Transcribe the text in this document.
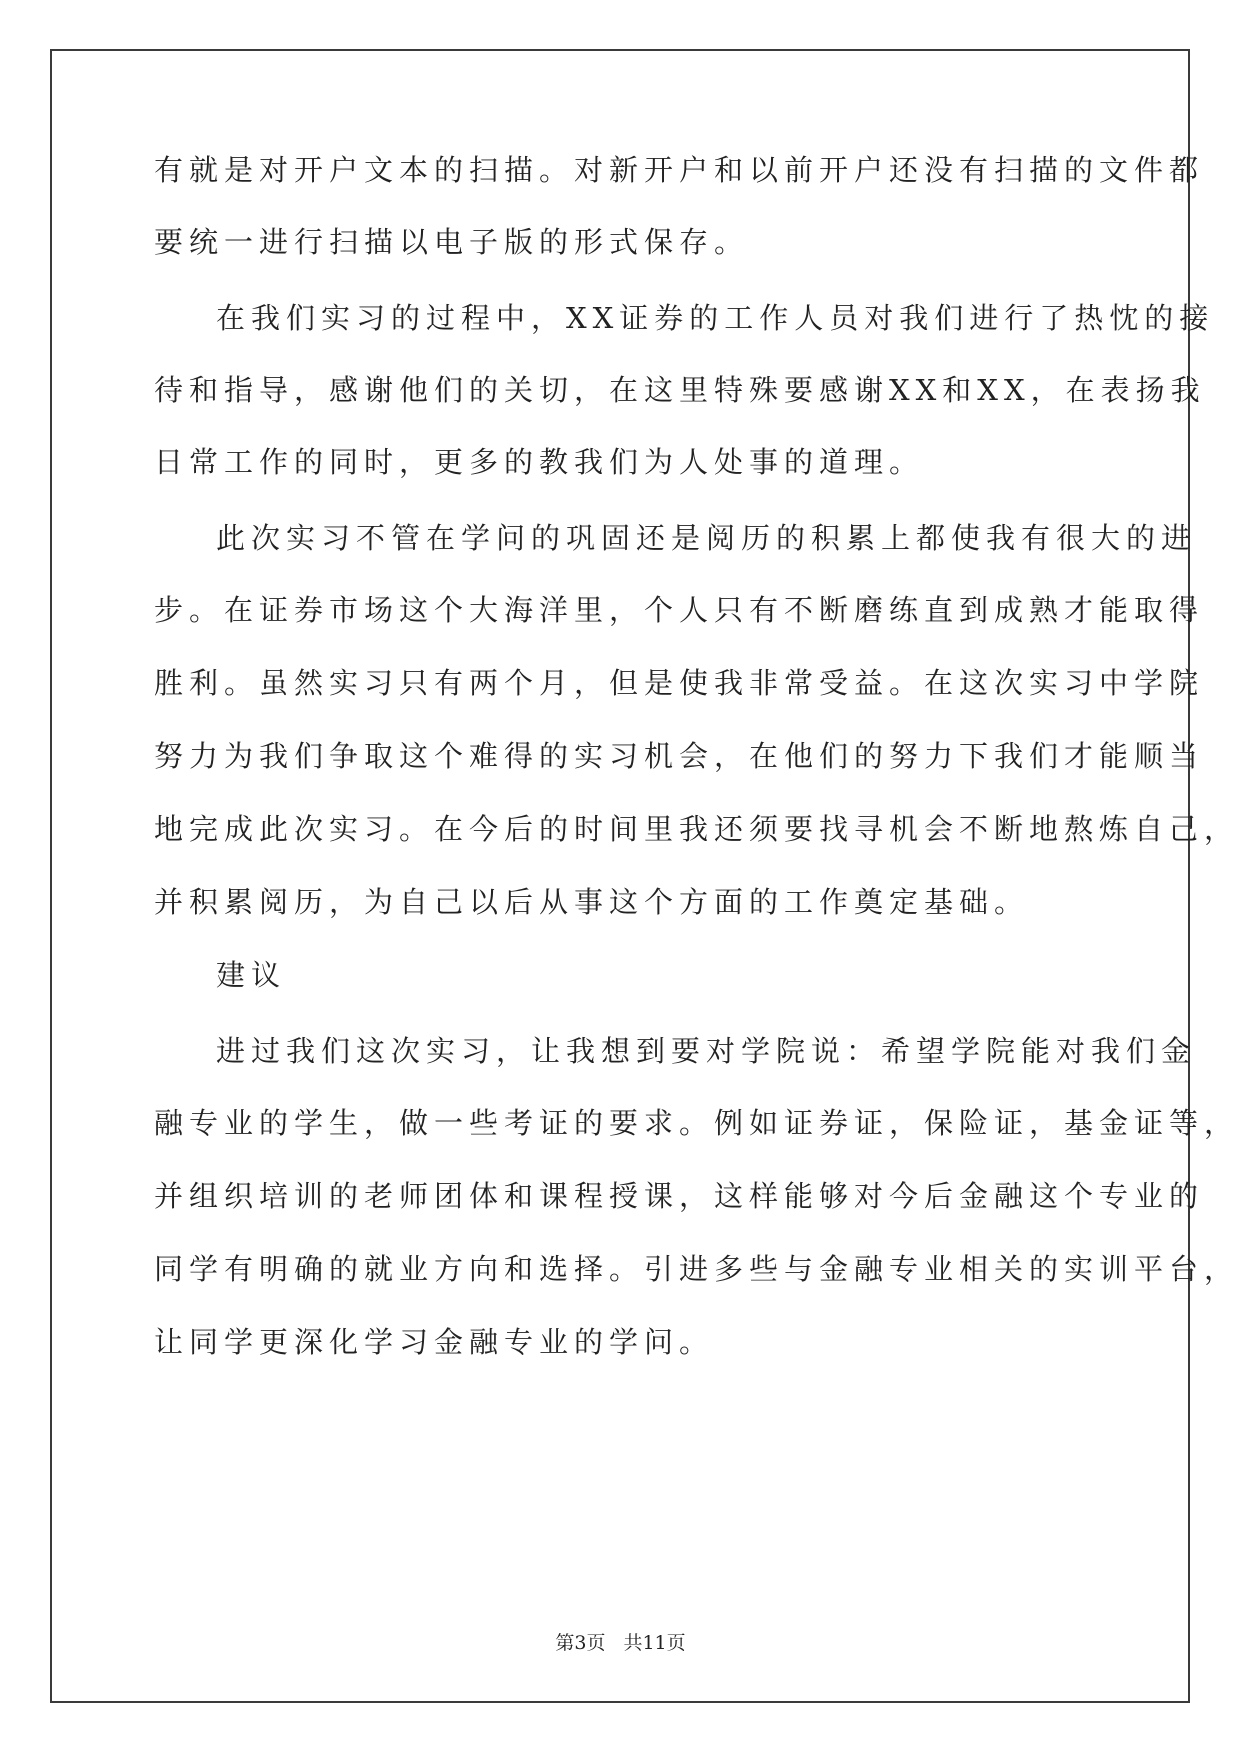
有就是对开户文本的扫描。对新开户和以前开户还没有扫描的文件都
要统一进行扫描以电子版的形式保存。
在我们实习的过程中，XX证券的工作人员对我们进行了热忱的接
待和指导，感谢他们的关切，在这里特殊要感谢XX和XX，在表扬我
日常工作的同时，更多的教我们为人处事的道理。
此次实习不管在学问的巩固还是阅历的积累上都使我有很大的进
步。在证券市场这个大海洋里，个人只有不断磨练直到成熟才能取得
胜利。虽然实习只有两个月，但是使我非常受益。在这次实习中学院
努力为我们争取这个难得的实习机会，在他们的努力下我们才能顺当
地完成此次实习。在今后的时间里我还须要找寻机会不断地熬炼自己，
并积累阅历，为自己以后从事这个方面的工作奠定基础。
建议
进过我们这次实习，让我想到要对学院说：希望学院能对我们金
融专业的学生，做一些考证的要求。例如证券证，保险证，基金证等，
并组织培训的老师团体和课程授课，这样能够对今后金融这个专业的
同学有明确的就业方向和选择。引进多些与金融专业相关的实训平台，
让同学更深化学习金融专业的学问。
第3页 共11页
